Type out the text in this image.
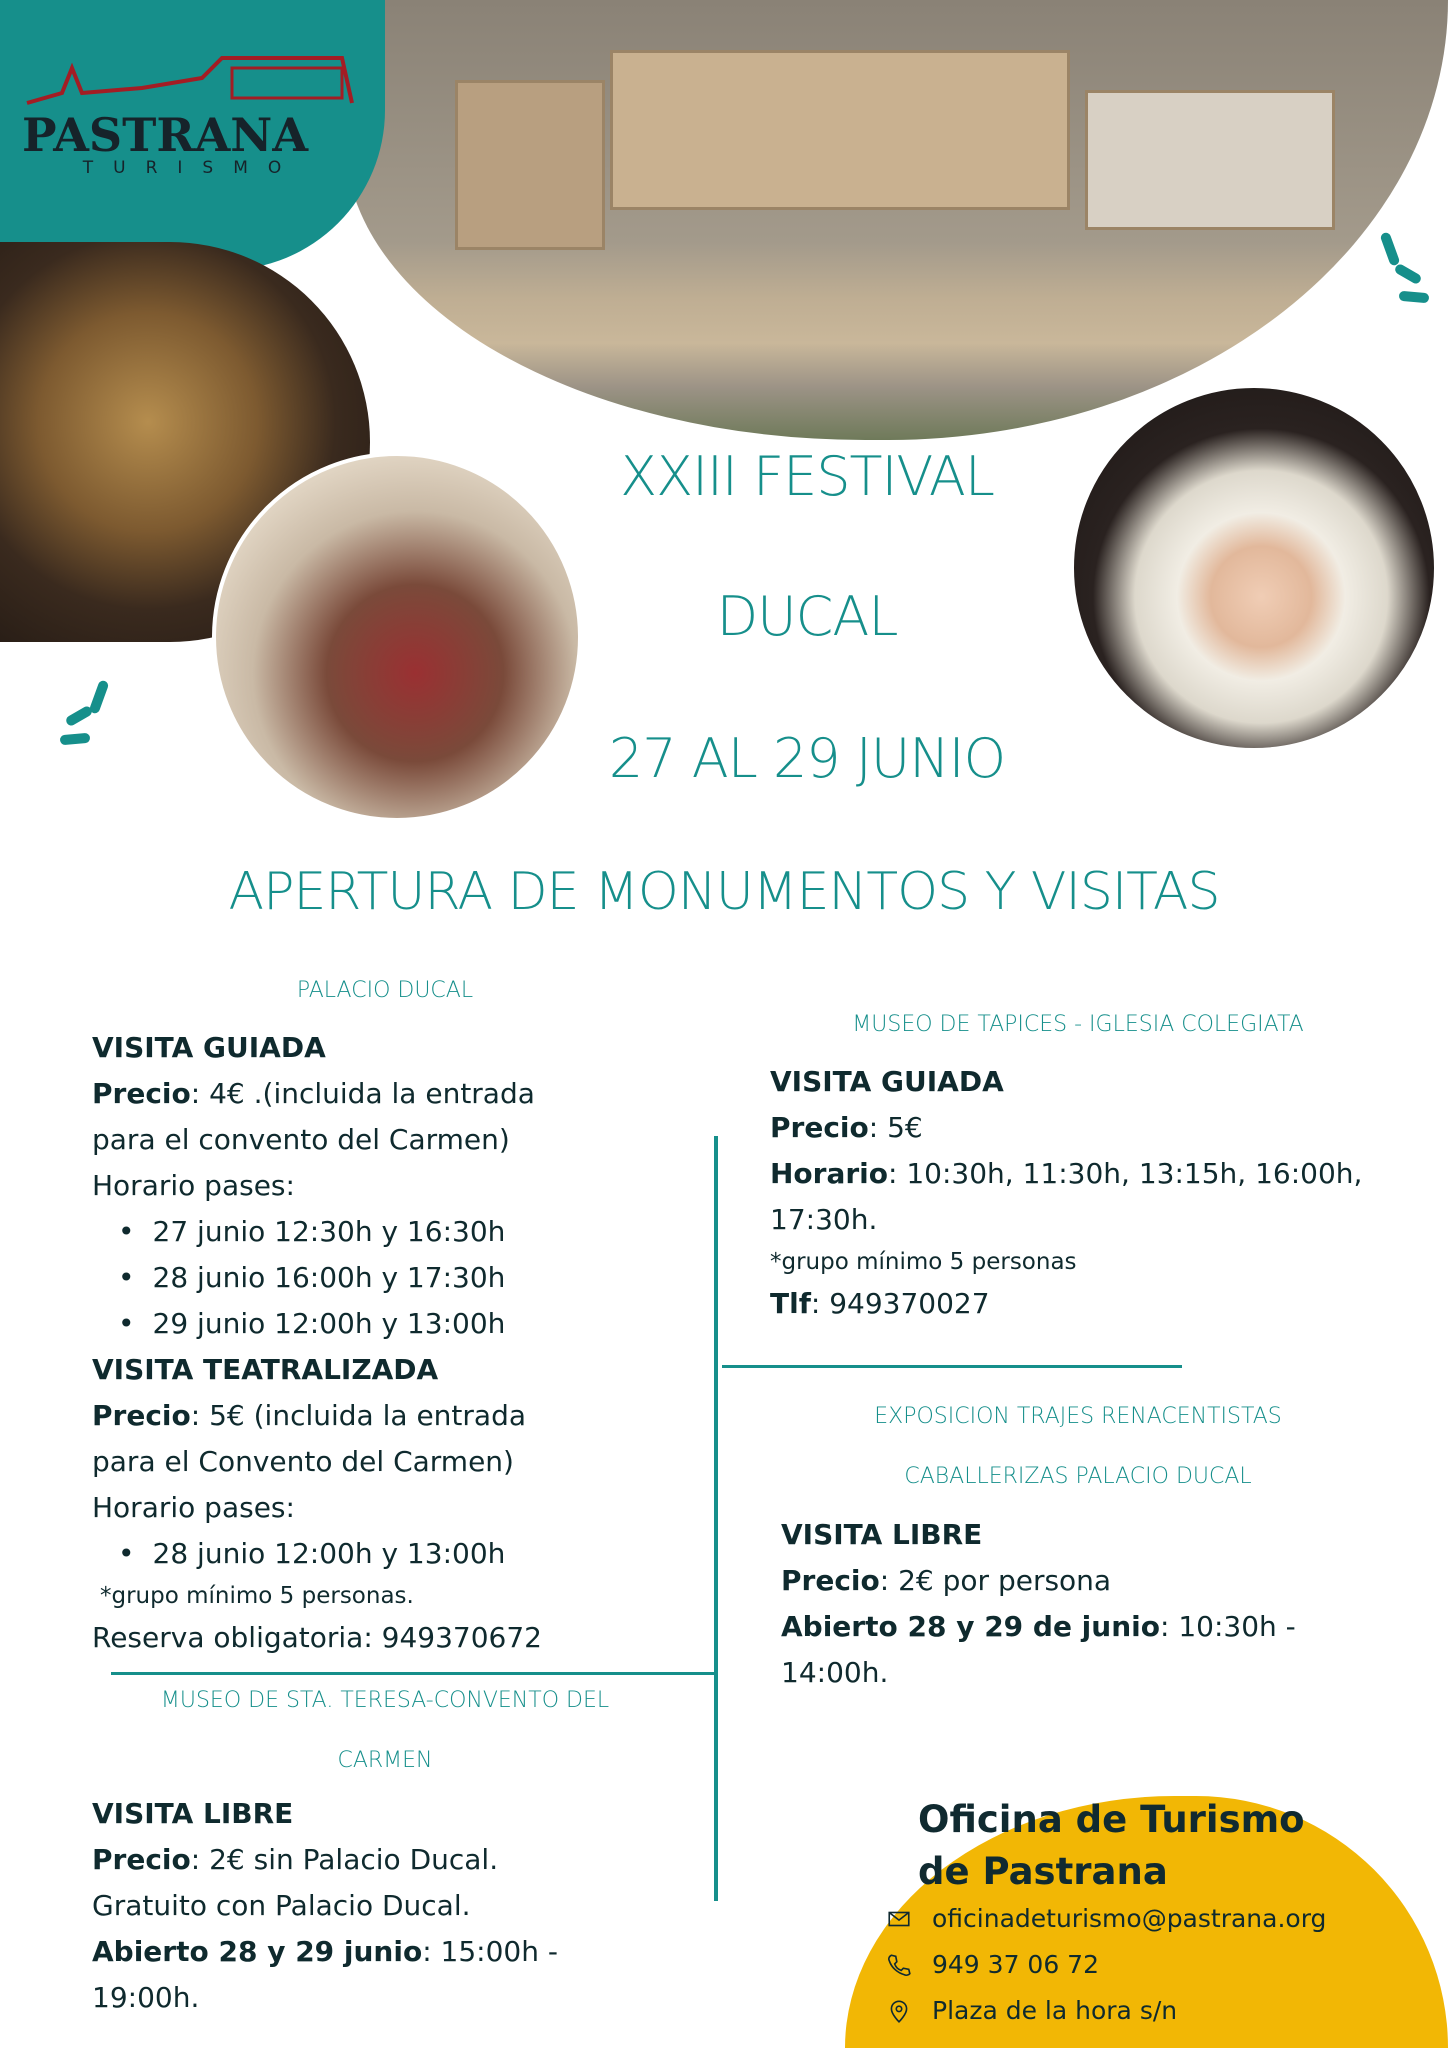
PASTRANA
TURISMO
XXIII FESTIVAL
DUCAL
27 AL 29 JUNIO
APERTURA DE MONUMENTOS Y VISITAS
PALACIO DUCAL
VISITA GUIADA
Precio: 4€ .(incluida la entrada
para el convento del Carmen)
Horario pases:
• 27 junio 12:30h y 16:30h
• 28 junio 16:00h y 17:30h
• 29 junio 12:00h y 13:00h
VISITA TEATRALIZADA
Precio: 5€ (incluida la entrada
para el Convento del Carmen)
Horario pases:
• 28 junio 12:00h y 13:00h
*grupo mínimo 5 personas.
Reserva obligatoria: 949370672
MUSEO DE STA. TERESA-CONVENTO DEL
CARMEN
VISITA LIBRE
Precio: 2€ sin Palacio Ducal.
Gratuito con Palacio Ducal.
Abierto 28 y 29 junio: 15:00h -
19:00h.
MUSEO DE TAPICES - IGLESIA COLEGIATA
VISITA GUIADA
Precio: 5€
Horario: 10:30h, 11:30h, 13:15h, 16:00h,
17:30h.
*grupo mínimo 5 personas
Tlf: 949370027
EXPOSICION TRAJES RENACENTISTAS
CABALLERIZAS PALACIO DUCAL
VISITA LIBRE
Precio: 2€ por persona
Abierto 28 y 29 de junio: 10:30h -
14:00h.
Oficina de Turismo
de Pastrana
oficinadeturismo@pastrana.org
949 37 06 72
Plaza de la hora s/n
